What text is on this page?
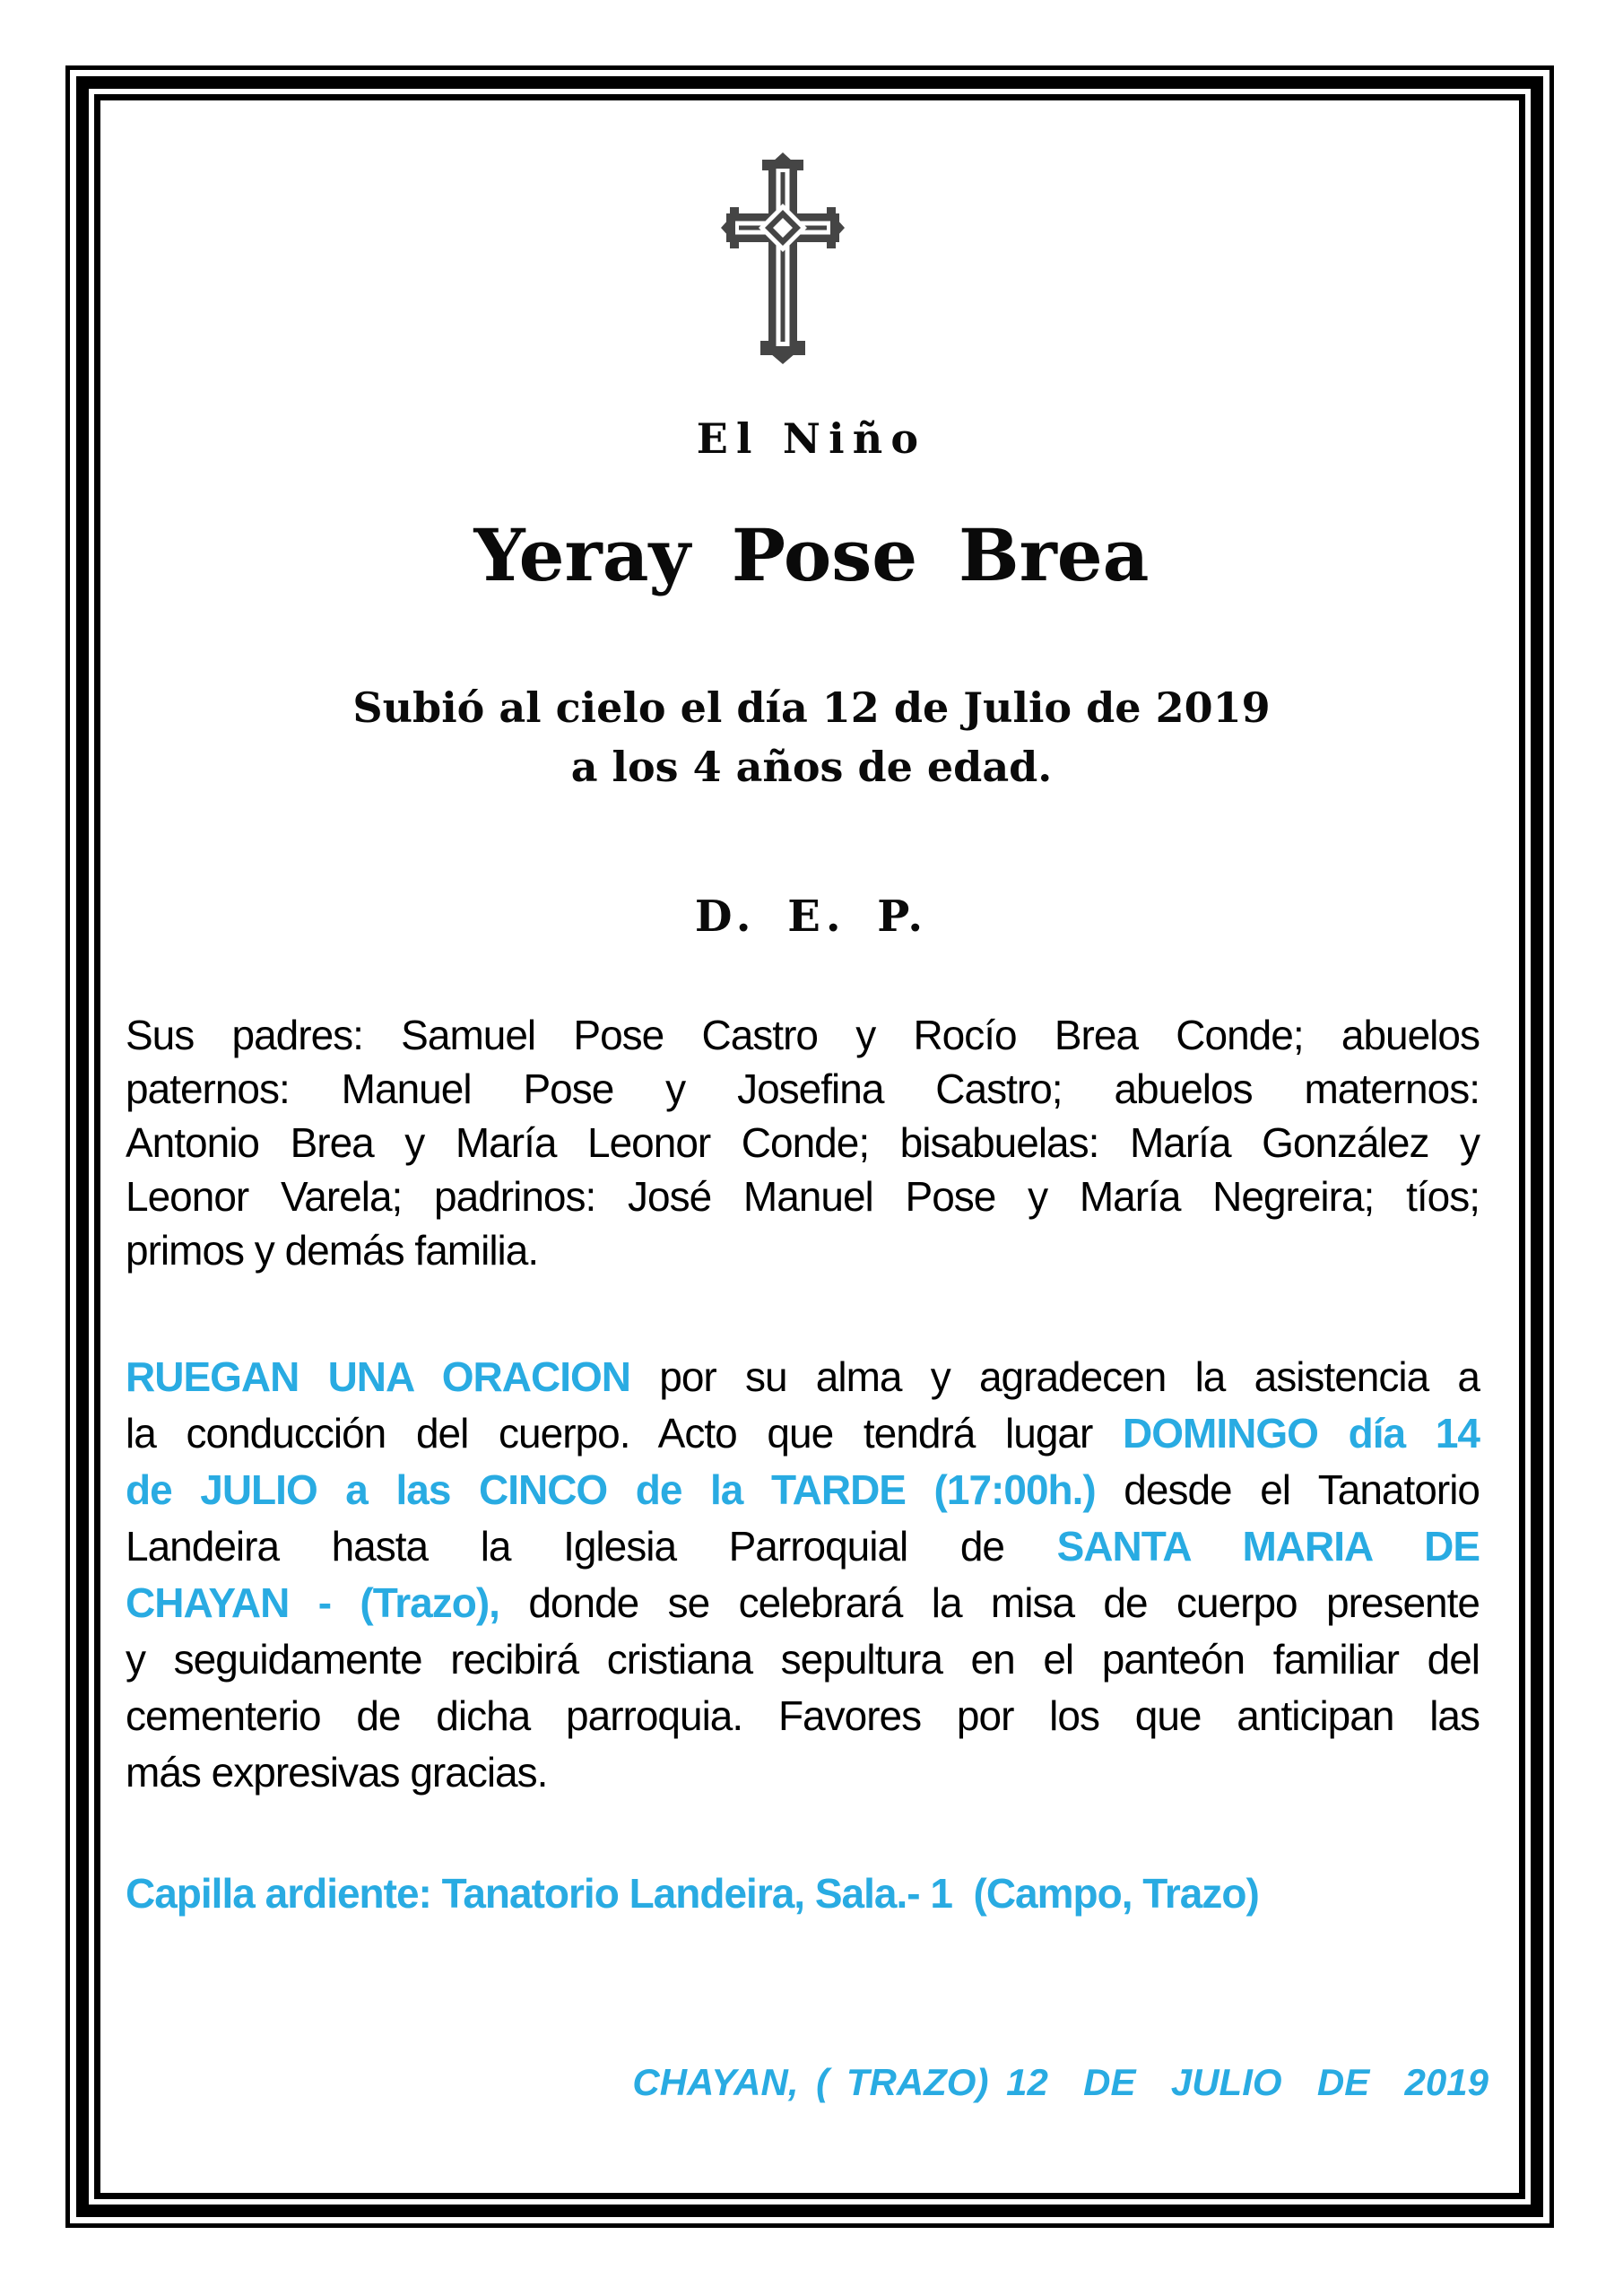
El Niño
Yeray Pose Brea
Subió al cielo el día 12 de Julio de 2019
a los 4 años de edad.
D. E. P.
Sus padres: Samuel Pose Castro y Rocío Brea Conde; abuelos
paternos: Manuel Pose y Josefina Castro; abuelos maternos:
Antonio Brea y María Leonor Conde; bisabuelas: María González y
Leonor Varela; padrinos: José Manuel Pose y María Negreira; tíos;
primos y demás familia.
RUEGAN UNA ORACION por su alma y agradecen la asistencia a
la conducción del cuerpo. Acto que tendrá lugar DOMINGO día 14
de JULIO a las CINCO de la TARDE (17:00h.) desde el Tanatorio
Landeira hasta la Iglesia Parroquial de SANTA MARIA DE
CHAYAN - (Trazo), donde se celebrará la misa de cuerpo presente
y seguidamente recibirá cristiana sepultura en el panteón familiar del
cementerio de dicha parroquia. Favores por los que anticipan las
más expresivas gracias.
Capilla ardiente: Tanatorio Landeira, Sala.- 1  (Campo, Trazo)
CHAYAN, ( TRAZO) 12  DE  JULIO  DE  2019
